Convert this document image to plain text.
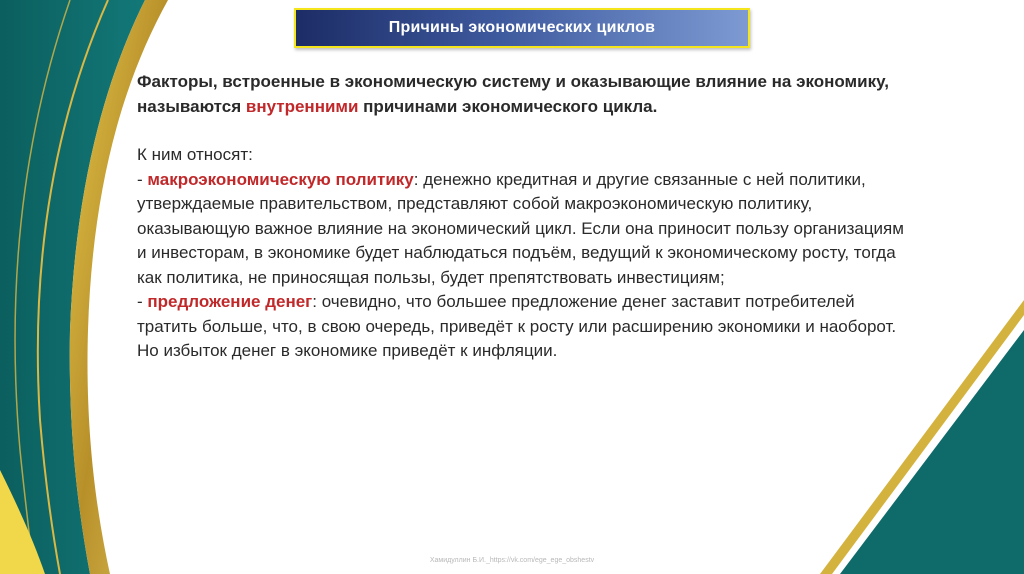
Причины экономических циклов

Факторы, встроенные в экономическую систему и оказывающие влияние на экономику, называются внутренними причинами экономического цикла.

К ним относят:

- макроэкономическую политику: денежно кредитная и другие связанные с ней политики, утверждаемые правительством, представляют собой макроэкономическую политику, оказывающую важное влияние на экономический цикл. Если она приносит пользу организациям и инвесторам, в экономике будет наблюдаться подъём, ведущий к экономическому росту, тогда как политика, не приносящая пользы, будет препятствовать инвестициям;

- предложение денег: очевидно, что большее предложение денег заставит потребителей тратить больше, что, в свою очередь, приведёт к росту или расширению экономики и наоборот. Но избыток денег в экономике приведёт к инфляции.

Хамидуллин Б.И._https://vk.com/ege_ege_obshestv
